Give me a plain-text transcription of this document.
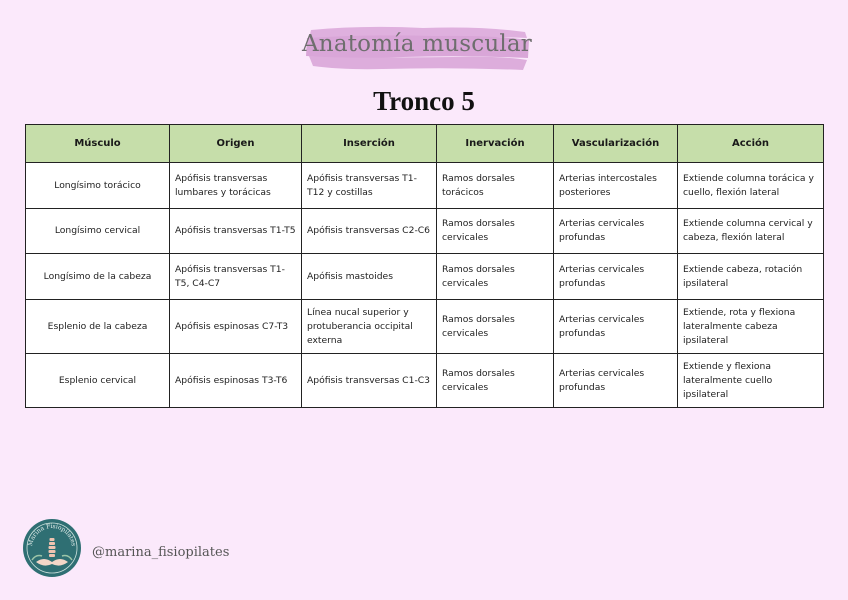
Anatomía muscular
Tronco 5
Músculo	Origen	Inserción	Inervación	Vascularización	Acción
Longísimo torácico	Apófisis transversas lumbares y torácicas	Apófisis transversas T1-T12 y costillas	Ramos dorsales torácicos	Arterias intercostales posteriores	Extiende columna torácica y cuello, flexión lateral
Longísimo cervical	Apófisis transversas T1-T5	Apófisis transversas C2-C6	Ramos dorsales cervicales	Arterias cervicales profundas	Extiende columna cervical y cabeza, flexión lateral
Longísimo de la cabeza	Apófisis transversas T1-T5, C4-C7	Apófisis mastoides	Ramos dorsales cervicales	Arterias cervicales profundas	Extiende cabeza, rotación ipsilateral
Esplenio de la cabeza	Apófisis espinosas C7-T3	Línea nucal superior y protuberancia occipital externa	Ramos dorsales cervicales	Arterias cervicales profundas	Extiende, rota y flexiona lateralmente cabeza ipsilateral
Esplenio cervical	Apófisis espinosas T3-T6	Apófisis transversas C1-C3	Ramos dorsales cervicales	Arterias cervicales profundas	Extiende y flexiona lateralmente cuello ipsilateral
Marina Fisiopilates
@marina_fisiopilates
